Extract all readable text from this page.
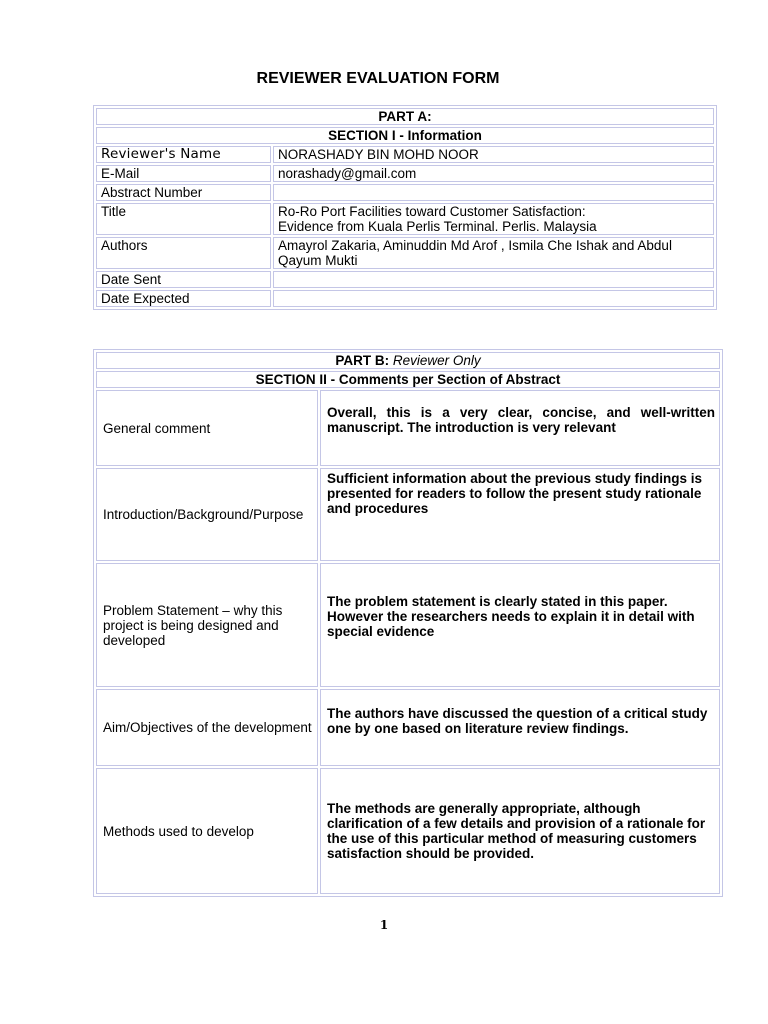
REVIEWER EVALUATION FORM
PART A:	
SECTION I - Information	
Reviewer's Name	NORASHADY BIN MOHD NOOR
E-Mail	norashady@gmail.com
Abstract Number	
Title	Ro-Ro Port Facilities toward Customer Satisfaction:
Evidence from Kuala Perlis Terminal. Perlis. Malaysia

Authors	Amayrol Zakaria, Aminuddin Md Arof , Ismila Che Ishak and Abdul
Qayum Mukti

Date Sent	
Date Expected	
PART B: Reviewer Only	
SECTION II - Comments per Section of Abstract	
General comment	Overall, this is a very clear, concise, and well-written
manuscript. The introduction is very relevant

Introduction/Background/Purpose	Sufficient information about the previous study findings is presented for readers to follow the present study rationale and procedures
Problem Statement – why this project is being designed and developed	The problem statement is clearly stated in this paper. However the researchers needs to explain it in detail with special evidence
Aim/Objectives of the development	The authors have discussed the question of a critical study one by one based on literature review findings.
Methods used to develop	The methods are generally appropriate, although clarification of a few details and provision of a rationale for the use of this particular method of measuring customers satisfaction should be provided.
1
